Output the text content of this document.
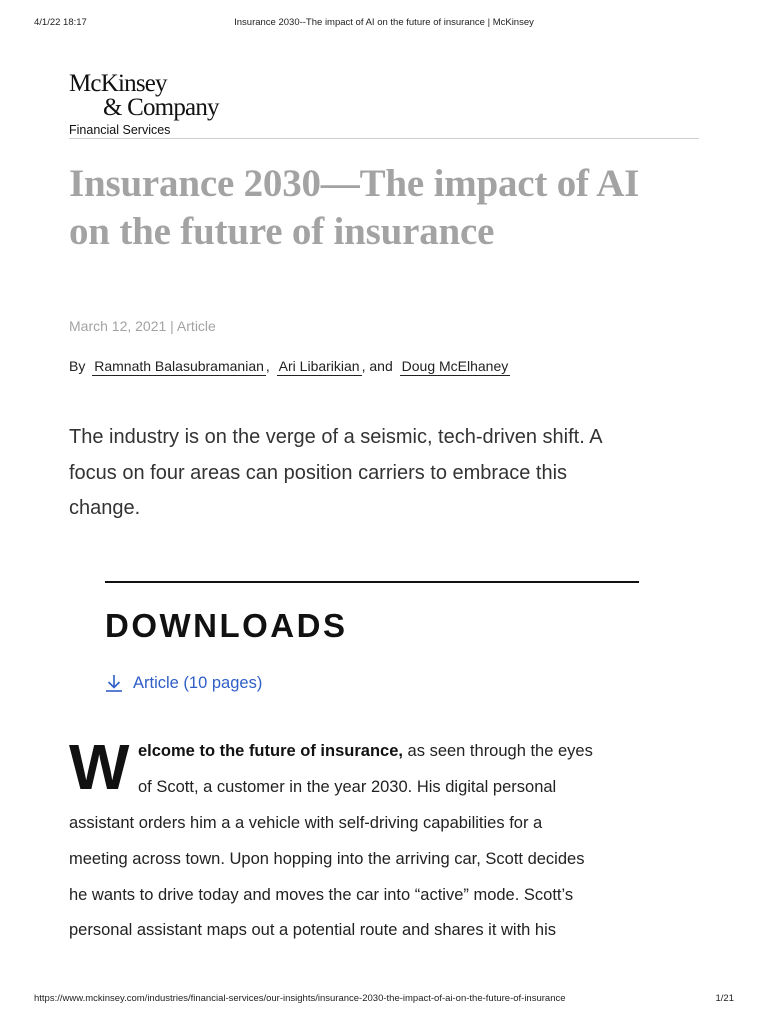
4/1/22 18:17	Insurance 2030--The impact of AI on the future of insurance | McKinsey
McKinsey
& Company
Financial Services
Insurance 2030—The impact of AI on the future of insurance
March 12, 2021 | Article
By Ramnath Balasubramanian , Ari Libarikian , and Doug McElhaney

The industry is on the verge of a seismic, tech-driven shift. A focus on four areas can position carriers to embrace this change.

DOWNLOADS
Article (10 pages)
W elcome to the future of insurance, as seen through the eyes
of Scott, a customer in the year 2030. His digital personal
assistant orders him a a vehicle with self-driving capabilities for a
meeting across town. Upon hopping into the arriving car, Scott decides
he wants to drive today and moves the car into “active” mode. Scott’s
personal assistant maps out a potential route and shares it with his
https://www.mckinsey.com/industries/financial-services/our-insights/insurance-2030-the-impact-of-ai-on-the-future-of-insurance	1/21
